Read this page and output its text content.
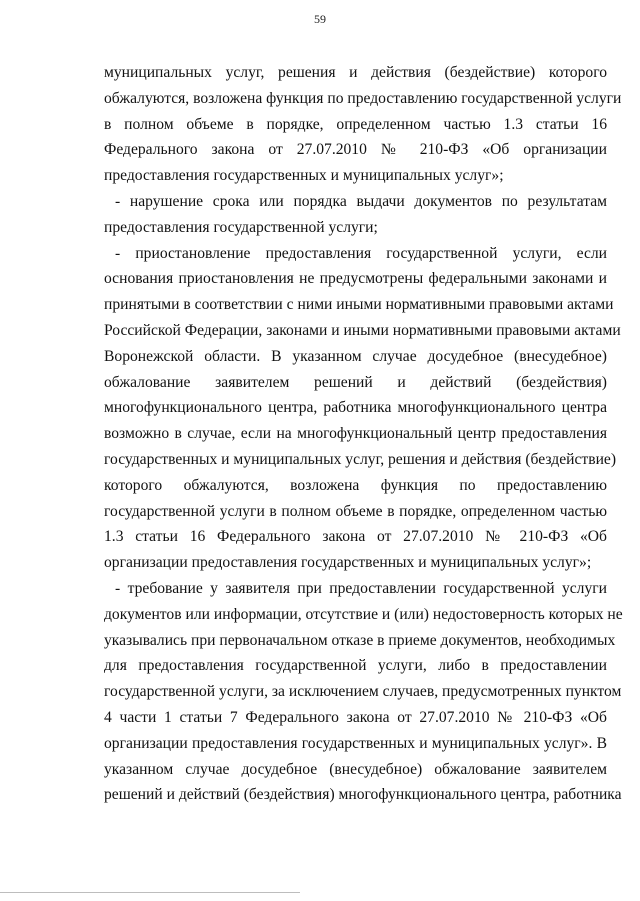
59
муниципальных услуг, решения и действия (бездействие) которого
обжалуются, возложена функция по предоставлению государственной услуги
в полном объеме в порядке, определенном частью 1.3 статьи 16
Федерального закона от 27.07.2010 № 210-ФЗ «Об организации
предоставления государственных и муниципальных услуг»;
- нарушение срока или порядка выдачи документов по результатам
предоставления государственной услуги;
- приостановление предоставления государственной услуги, если
основания приостановления не предусмотрены федеральными законами и
принятыми в соответствии с ними иными нормативными правовыми актами
Российской Федерации, законами и иными нормативными правовыми актами
Воронежской области. В указанном случае досудебное (внесудебное)
обжалование заявителем решений и действий (бездействия)
многофункционального центра, работника многофункционального центра
возможно в случае, если на многофункциональный центр предоставления
государственных и муниципальных услуг, решения и действия (бездействие)
которого обжалуются, возложена функция по предоставлению
государственной услуги в полном объеме в порядке, определенном частью
1.3 статьи 16 Федерального закона от 27.07.2010 № 210-ФЗ «Об
организации предоставления государственных и муниципальных услуг»;
- требование у заявителя при предоставлении государственной услуги
документов или информации, отсутствие и (или) недостоверность которых не
указывались при первоначальном отказе в приеме документов, необходимых
для предоставления государственной услуги, либо в предоставлении
государственной услуги, за исключением случаев, предусмотренных пунктом
4 части 1 статьи 7 Федерального закона от 27.07.2010 № 210-ФЗ «Об
организации предоставления государственных и муниципальных услуг». В
указанном случае досудебное (внесудебное) обжалование заявителем
решений и действий (бездействия) многофункционального центра, работника
